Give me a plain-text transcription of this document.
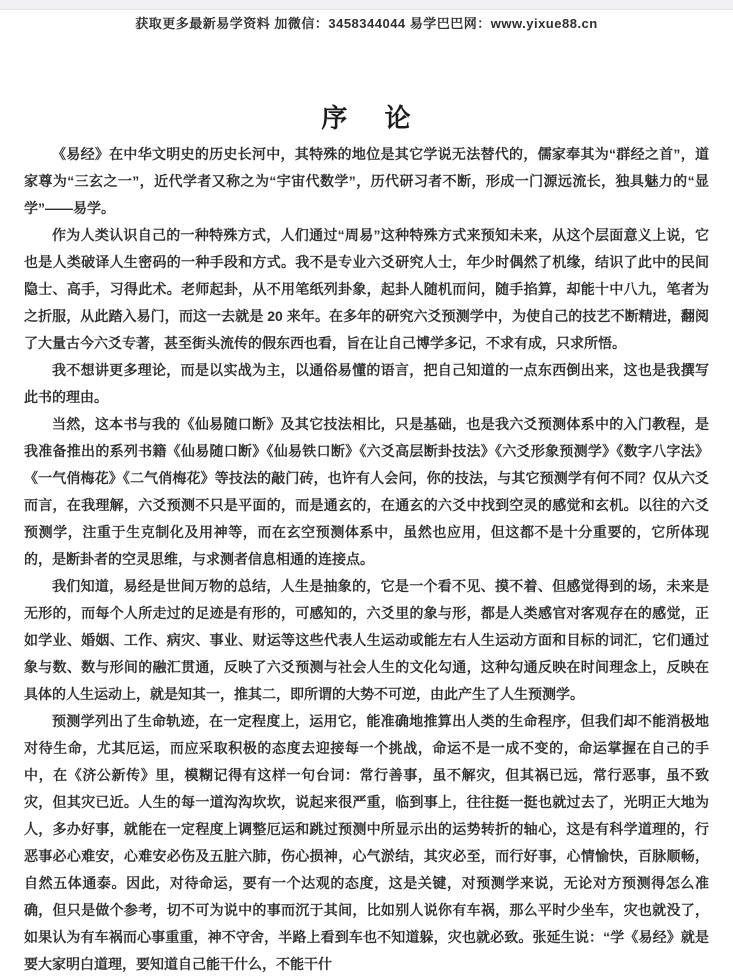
获取更多最新易学资料 加微信：3458344044 易学巴巴网：www.yixue88.cn
序 论

《易经》在中华文明史的历史长河中，其特殊的地位是其它学说无法替代的，儒家奉其为“群经之首”，道家尊为“三玄之一”，近代学者又称之为“宇宙代数学”，历代研习者不断，形成一门源远流长，独具魅力的“显学”——易学。

作为人类认识自己的一种特殊方式，人们通过“周易”这种特殊方式来预知未来，从这个层面意义上说，它也是人类破译人生密码的一种手段和方式。我不是专业六爻研究人士，年少时偶然了机缘，结识了此中的民间隐士、高手，习得此术。老师起卦，从不用笔纸列卦象，起卦人随机而问，随手掐算，却能十中八九，笔者为之折服，从此踏入易门，而这一去就是 20 来年。在多年的研究六爻预测学中，为使自己的技艺不断精进，翻阅了大量古今六爻专著，甚至街头流传的假东西也看，旨在让自己博学多记，不求有成，只求所悟。

我不想讲更多理论，而是以实战为主，以通俗易懂的语言，把自己知道的一点东西倒出来，这也是我撰写此书的理由。

当然，这本书与我的《仙易随口断》及其它技法相比，只是基础，也是我六爻预测体系中的入门教程，是我准备推出的系列书籍《仙易随口断》《仙易铁口断》《六爻高层断卦技法》《六爻形象预测学》《数字八字法》《一气俏梅花》《二气俏梅花》等技法的敲门砖，也许有人会问，你的技法，与其它预测学有何不同？仅从六爻而言，在我理解，六爻预测不只是平面的，而是通玄的，在通玄的六爻中找到空灵的感觉和玄机。以往的六爻预测学，注重于生克制化及用神等，而在玄空预测体系中，虽然也应用，但这都不是十分重要的，它所体现的，是断卦者的空灵思维，与求测者信息相通的连接点。

我们知道，易经是世间万物的总结，人生是抽象的，它是一个看不见、摸不着、但感觉得到的场，未来是无形的，而每个人所走过的足迹是有形的，可感知的，六爻里的象与形，都是人类感官对客观存在的感觉，正如学业、婚姻、工作、病灾、事业、财运等这些代表人生运动或能左右人生运动方面和目标的词汇，它们通过象与数、数与形间的融汇贯通，反映了六爻预测与社会人生的文化勾通，这种勾通反映在时间理念上，反映在具体的人生运动上，就是知其一，推其二，即所谓的大势不可逆，由此产生了人生预测学。

预测学列出了生命轨迹，在一定程度上，运用它，能准确地推算出人类的生命程序，但我们却不能消极地对待生命，尤其厄运，而应采取积极的态度去迎接每一个挑战，命运不是一成不变的，命运掌握在自己的手中，在《济公新传》里，模糊记得有这样一句台词：常行善事，虽不解灾，但其祸已远，常行恶事，虽不致灾，但其灾已近。人生的每一道沟沟坎坎，说起来很严重，临到事上，往往挺一挺也就过去了，光明正大地为人，多办好事，就能在一定程度上调整厄运和跳过预测中所显示出的运势转折的轴心，这是有科学道理的，行恶事必心难安，心难安必伤及五脏六肺，伤心损神，心气淤结，其灾必至，而行好事，心情愉快，百脉顺畅，自然五体通泰。因此，对待命运，要有一个达观的态度，这是关键，对预测学来说，无论对方预测得怎么准确，但只是做个参考，切不可为说中的事而沉于其间，比如别人说你有车祸，那么平时少坐车，灾也就没了，如果认为有车祸而心事重重，神不守舍，半路上看到车也不知道躲，灾也就必致。张延生说：“学《易经》就是要大家明白道理，要知道自己能干什么，不能干什
